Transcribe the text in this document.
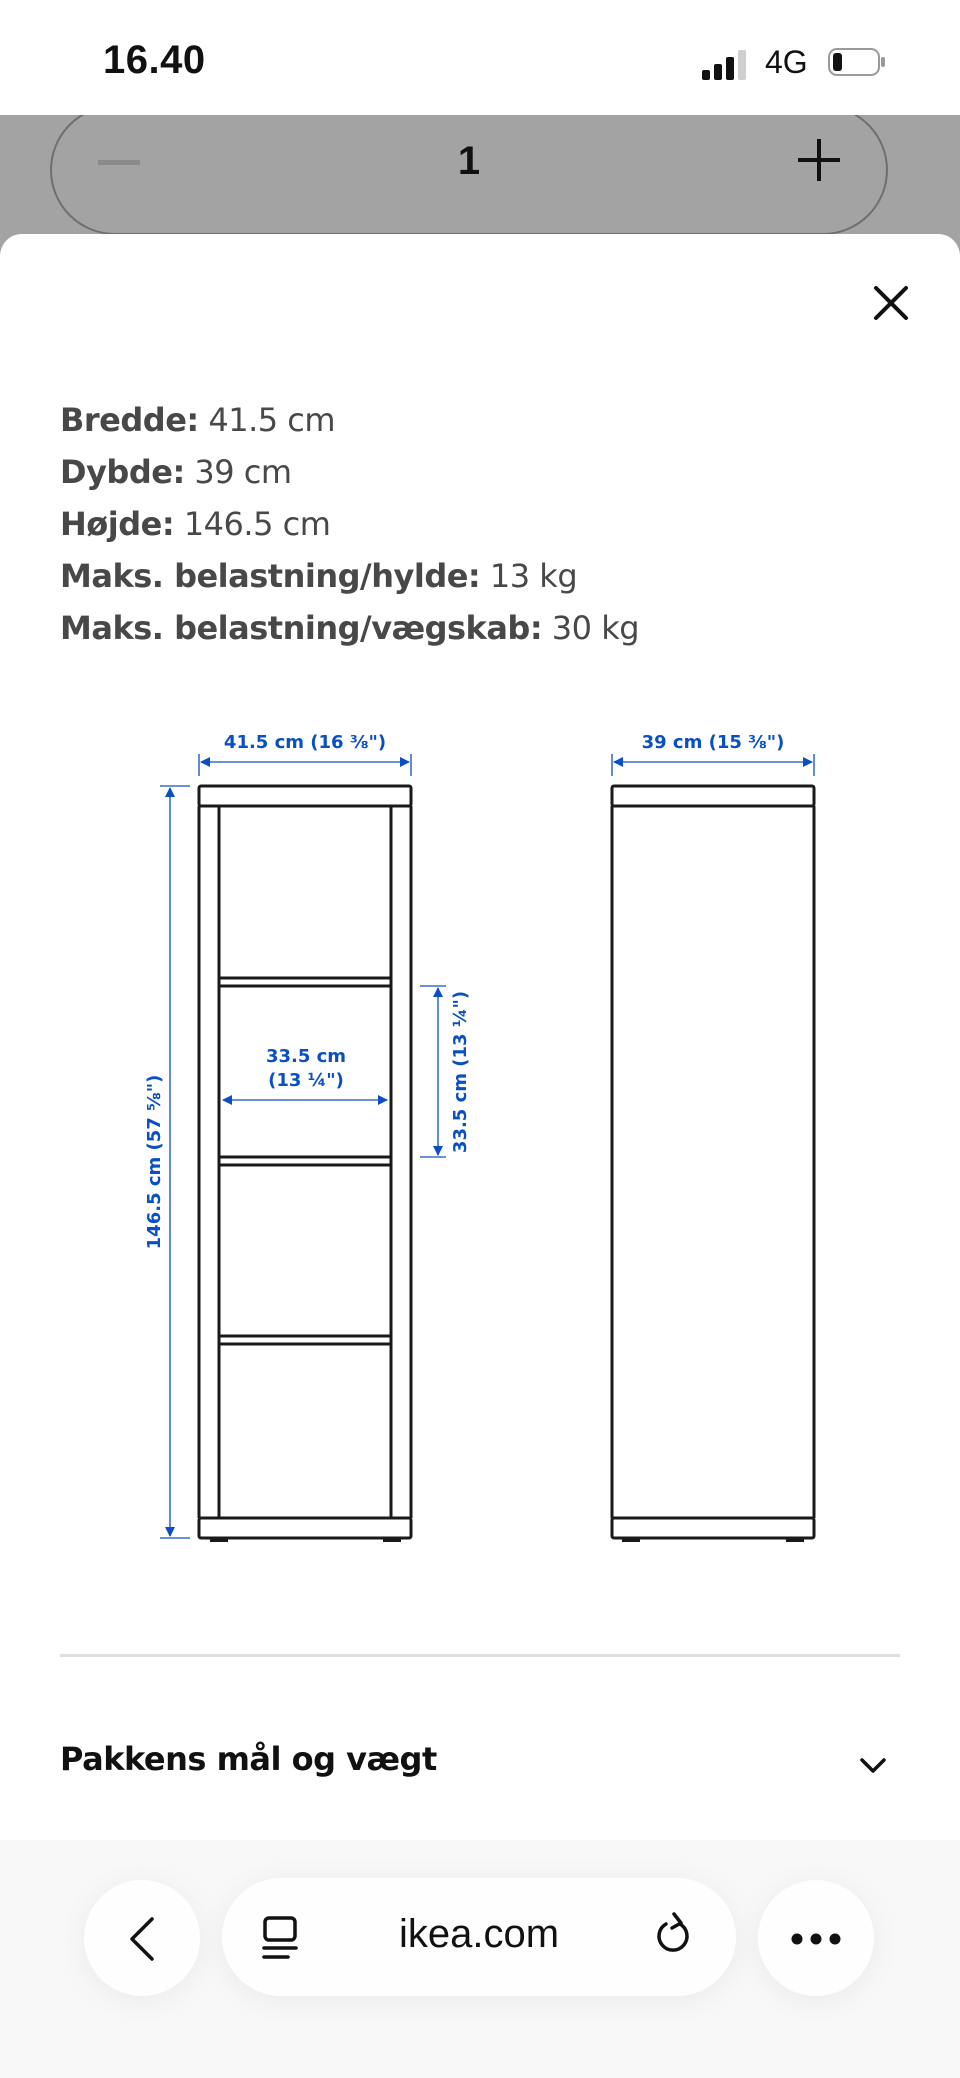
16.40	4G
1
Bredde: 41.5 cm
Dybde: 39 cm
Højde: 146.5 cm
Maks. belastning/hylde: 13 kg
Maks. belastning/vægskab: 30 kg
41.5 cm (16 ⅜")	39 cm (15 ⅜")
33.5 cm
(13 ¼")	33.5 cm (13 ¼")
146.5 cm (57 ⅝")
Pakkens mål og vægt
ikea.com
